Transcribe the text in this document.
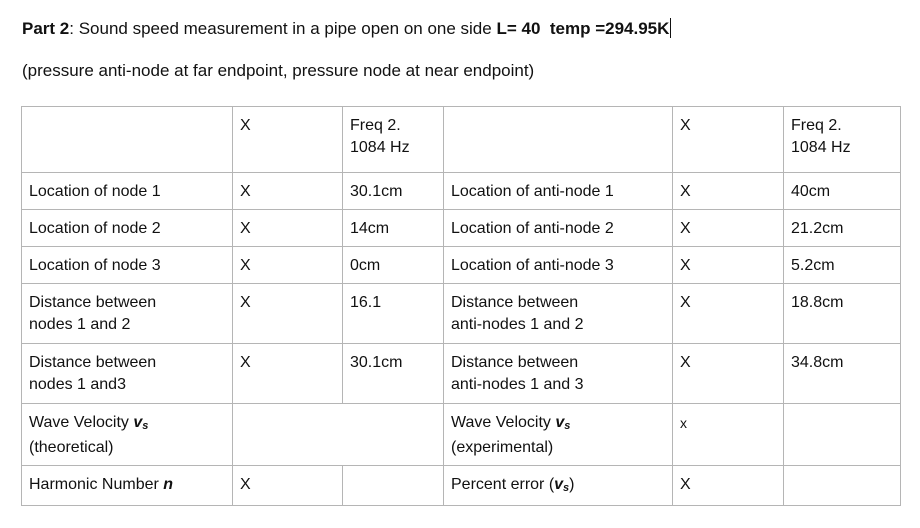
Part 2: Sound speed measurement in a pipe open on one side L= 40 temp =294.95K
(pressure anti-node at far endpoint, pressure node at near endpoint)
	X	Freq 2.
1084 Hz		X	Freq 2.
1084 Hz
Location of node 1	X	30.1cm	Location of anti-node 1	X	40cm
Location of node 2	X	14cm	Location of anti-node 2	X	21.2cm
Location of node 3	X	0cm	Location of anti-node 3	X	5.2cm
Distance between
nodes 1 and 2	X	16.1	Distance between
anti-nodes 1 and 2	X	18.8cm
Distance between
nodes 1 and3	X	30.1cm	Distance between
anti-nodes 1 and 3	X	34.8cm
Wave Velocity vs
(theoretical)			Wave Velocity vs
(experimental)	x	
Harmonic Number n	X		Percent error (vs)	X	
